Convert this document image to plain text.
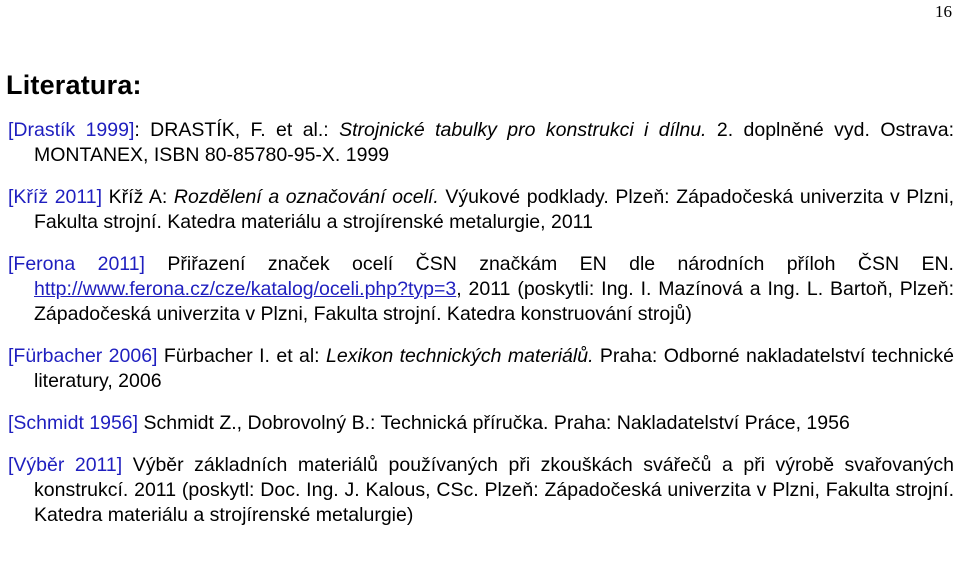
16
Literatura:

[Drastík 1999]: DRASTÍK, F. et al.: Strojnické tabulky pro konstrukci i dílnu. 2. doplněné vyd. Ostrava: MONTANEX, ISBN 80-85780-95-X. 1999

[Kříž 2011] Kříž A: Rozdělení a označování ocelí. Výukové podklady. Plzeň: Západočeská univerzita v Plzni, Fakulta strojní. Katedra materiálu a strojírenské metalurgie, 2011

[Ferona 2011] Přiřazení značek ocelí ČSN značkám EN dle národních příloh ČSN EN. http://www.ferona.cz/cze/katalog/oceli.php?typ=3, 2011 (poskytli: Ing. I. Mazínová a Ing. L. Bartoň, Plzeň: Západočeská univerzita v Plzni, Fakulta strojní. Katedra konstruování strojů)

[Fürbacher 2006] Fürbacher I. et al: Lexikon technických materiálů. Praha: Odborné nakladatelství technické literatury, 2006

[Schmidt 1956] Schmidt Z., Dobrovolný B.: Technická příručka. Praha: Nakladatelství Práce, 1956

[Výběr 2011] Výběr základních materiálů používaných při zkouškách svářečů a při výrobě svařovaných konstrukcí. 2011 (poskytl: Doc. Ing. J. Kalous, CSc. Plzeň: Západočeská univerzita v Plzni, Fakulta strojní. Katedra materiálu a strojírenské metalurgie)
